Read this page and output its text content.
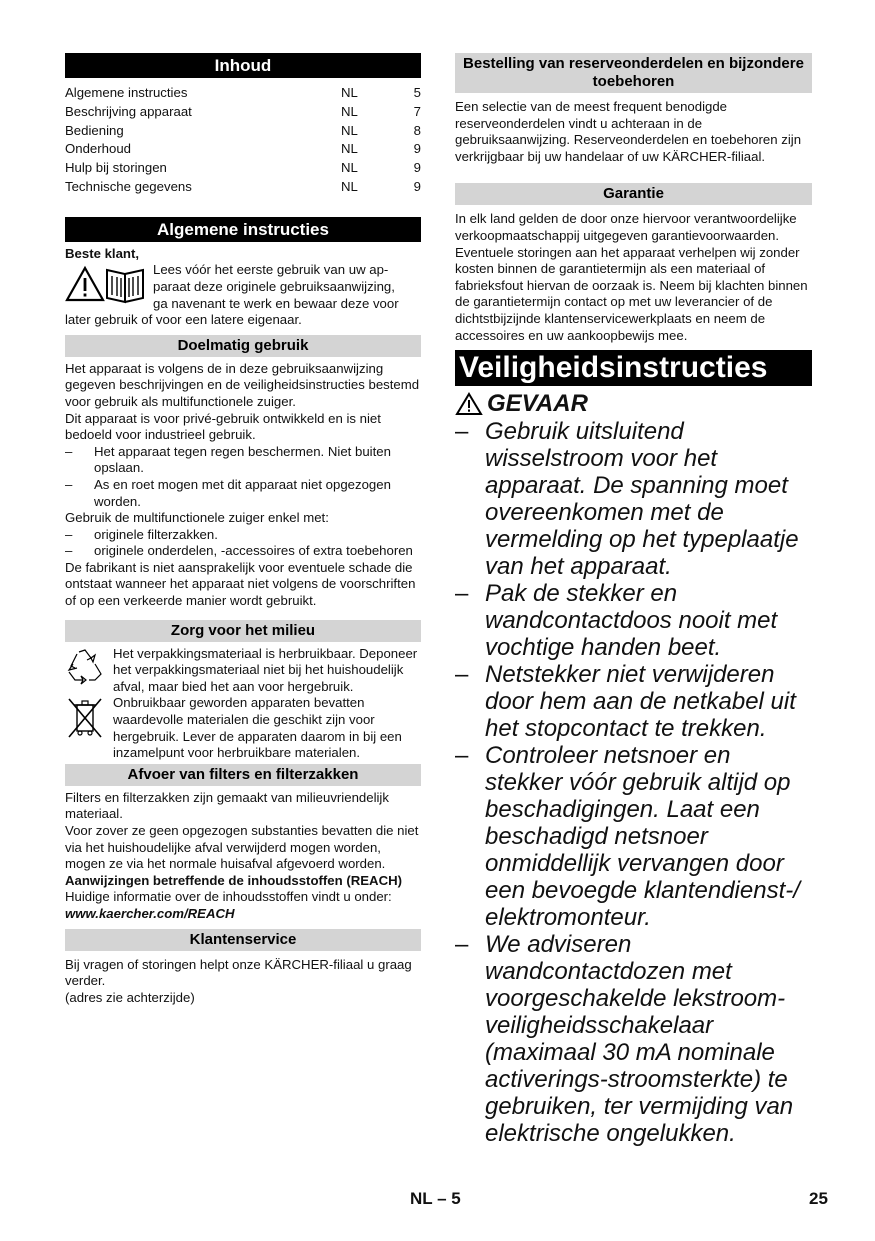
Inhoud
Algemene instructies	NL	5
Beschrijving apparaat	NL	7
Bediening	NL	8
Onderhoud	NL	9
Hulp bij storingen	NL	9
Technische gegevens	NL	9
Algemene instructies

Beste klant,

Lees vóór het eerste gebruik van uw ap-

paraat deze originele gebruiksaanwijzing,

ga navenant te werk en bewaar deze voor

later gebruik of voor een latere eigenaar.

Doelmatig gebruik

Het apparaat is volgens de in deze gebruiksaanwijzing gegeven beschrijvingen en de veiligheidsinstructies bestemd voor gebruik als multifunctionele zuiger.

Dit apparaat is voor privé-gebruik ontwikkeld en is niet bedoeld voor industrieel gebruik.

–	Het apparaat tegen regen beschermen. Niet buiten opslaan.
–	As en roet mogen met dit apparaat niet opgezogen worden.

Gebruik de multifunctionele zuiger enkel met:

–	originele filterzakken.
–	originele onderdelen, -accessoires of extra toebehoren

De fabrikant is niet aansprakelijk voor eventuele schade die ontstaat wanneer het apparaat niet volgens de voorschriften of op een verkeerde manier wordt gebruikt.

Zorg voor het milieu

Het verpakkingsmateriaal is herbruikbaar. Deponeer het verpakkingsmateriaal niet bij het huishoudelijk afval, maar bied het aan voor hergebruik.

Onbruikbaar geworden apparaten bevatten waardevolle materialen die geschikt zijn voor hergebruik. Lever de apparaten daarom in bij een inzamelpunt voor herbruikbare materialen.

Afvoer van filters en filterzakken

Filters en filterzakken zijn gemaakt van milieuvriendelijk materiaal.

Voor zover ze geen opgezogen substanties bevatten die niet via het huishoudelijke afval verwijderd mogen worden, mogen ze via het normale huisafval afgevoerd worden.

Aanwijzingen betreffende de inhoudsstoffen (REACH)

Huidige informatie over de inhoudsstoffen vindt u onder:

www.kaercher.com/REACH

Klantenservice

Bij vragen of storingen helpt onze KÄRCHER-filiaal u graag verder.

(adres zie achterzijde)

Bestelling van reserveonderdelen en bijzondere toebehoren

Een selectie van de meest frequent benodigde reserveonderdelen vindt u achteraan in de gebruiksaanwijzing. Reserveonderdelen en toebehoren zijn verkrijgbaar bij uw handelaar of uw KÄRCHER-filiaal.

Garantie

In elk land gelden de door onze hiervoor verantwoordelijke verkoopmaatschappij uitgegeven garantievoorwaarden. Eventuele storingen aan het apparaat verhelpen wij zonder kosten binnen de garantietermijn als een materiaal of fabrieksfout hiervan de oorzaak is. Neem bij klachten binnen de garantietermijn contact op met uw leverancier of de dichtstbijzijnde klantenservicewerkplaats en neem de accessoires en uw aankoopbewijs mee.

Veiligheidsinstructies
GEVAAR
– Gebruik uitsluitend wisselstroom voor het apparaat. De spanning moet overeenkomen met de vermelding op het typeplaatje van het apparaat.
– Pak de stekker en wandcontactdoos nooit met vochtige handen beet.
– Netstekker niet verwijderen door hem aan de netkabel uit het stopcontact te trekken.
– Controleer netsnoer en stekker vóór gebruik altijd op beschadigingen. Laat een beschadigd netsnoer onmiddellijk vervangen door een bevoegde klantendienst-/ elektromonteur.
– We adviseren wandcontactdozen met voorgeschakelde lekstroom-veiligheidsschakelaar (maximaal 30 mA nominale activerings-stroomsterkte) te gebruiken, ter vermijding van elektrische ongelukken.
NL – 5	25
